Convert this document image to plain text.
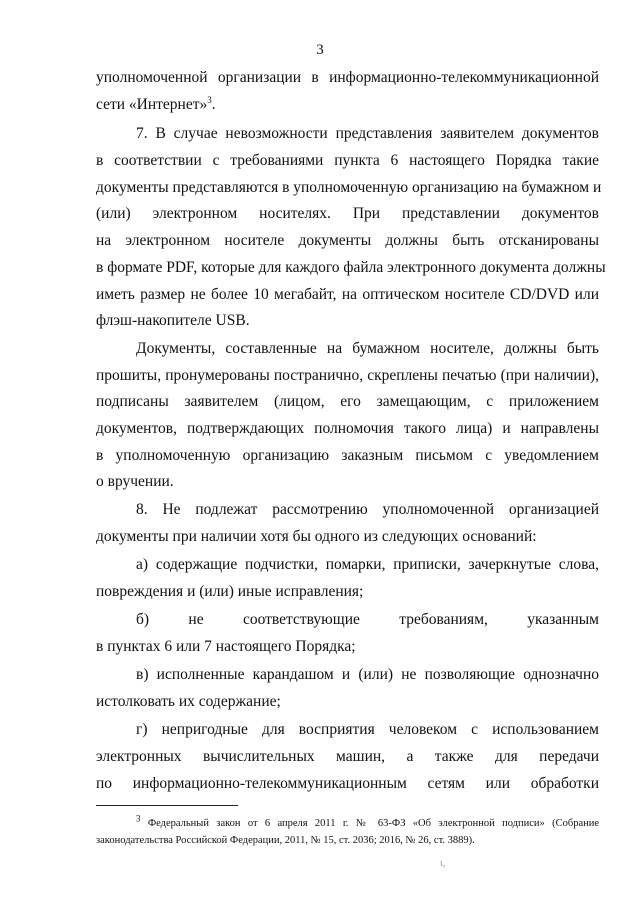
3
уполномоченной организации в информационно-телекоммуникационной
сети «Интернет»$^3$.
7. В случае невозможности представления заявителем документов
в соответствии с требованиями пункта 6 настоящего Порядка такие
документы представляются в уполномоченную организацию на бумажном и
(или) электронном носителях. При представлении документов
на электронном носителе документы должны быть отсканированы
в формате PDF, которые для каждого файла электронного документа должны
иметь размер не более 10 мегабайт, на оптическом носителе CD/DVD или
флэш-накопителе USB.
Документы, составленные на бумажном носителе, должны быть
прошиты, пронумерованы постранично, скреплены печатью (при наличии),
подписаны заявителем (лицом, его замещающим, с приложением
документов, подтверждающих полномочия такого лица) и направлены
в уполномоченную организацию заказным письмом с уведомлением
о вручении.
8. Не подлежат рассмотрению уполномоченной организацией
документы при наличии хотя бы одного из следующих оснований:
а) содержащие подчистки, помарки, приписки, зачеркнутые слова,
повреждения и (или) иные исправления;
б) не соответствующие требованиям, указанным
в пунктах 6 или 7 настоящего Порядка;
в) исполненные карандашом и (или) не позволяющие однозначно
истолковать их содержание;
г) непригодные для восприятия человеком с использованием
электронных вычислительных машин, а также для передачи
по информационно-телекоммуникационным сетям или обработки
$^3$ Федеральный закон от 6 апреля 2011 г. № 63-ФЗ «Об электронной подписи» (Собрание
законодательства Российской Федерации, 2011, № 15, ст. 2036; 2016, № 26, ст. 3889).
ι,
